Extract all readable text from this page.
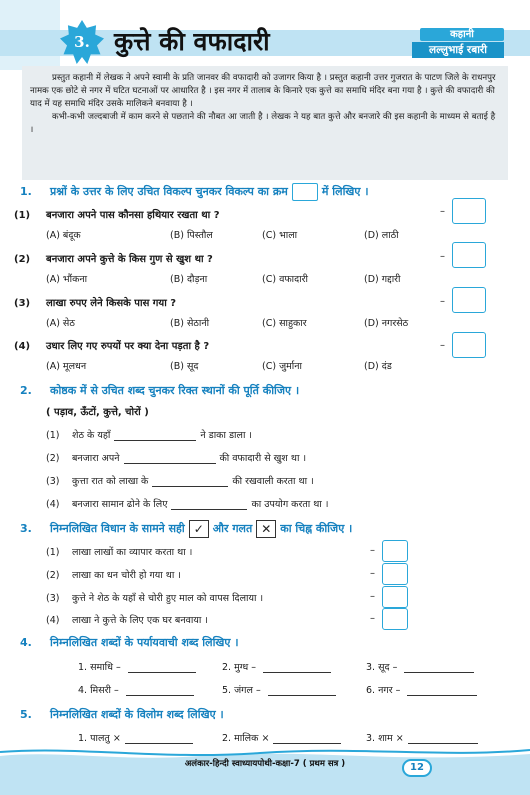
3. कुत्ते की वफादारी	कहानी
लल्लुभाई रबारी

प्रस्तुत कहानी में लेखक ने अपने स्वामी के प्रति जानवर की वफादारी को उजागर किया है । प्रस्तुत कहानी उत्तर गुजरात के पाटण जिले के राधनपुर नामक एक छोटे से नगर में घटित घटनाओं पर आधारित है । इस नगर में तालाब के किनारे एक कुत्ते का समाधि मंदिर बना गया है । कुत्ते की वफादारी की याद में यह समाधि मंदिर उसके मालिकने बनवाया है ।

कभी-कभी जल्दबाजी में काम करने से पछताने की नौबत आ जाती है । लेखक ने यह बात कुत्ते और बनजारे की इस कहानी के माध्यम से बताई है ।

1. प्रश्नों के उत्तर के लिए उचित विकल्प चुनकर विकल्प का क्रम	में लिखिए ।
(1) बनजारा अपने पास कौनसा हथियार रखता था ?
(A) बंदूक	(B) पिस्तौल	(C) भाला	(D) लाठी
–
(2) बनजारा अपने कुत्ते के किस गुण से खुश था ?
(A) भौंकना	(B) दौड़ना	(C) वफादारी	(D) गद्दारी
–
(3) लाखा रुपए लेने किसके पास गया ?
(A) सेठ	(B) सेठानी	(C) साहुकार	(D) नगरसेठ
–
(4) उधार लिए गए रुपयों पर क्या देना पड़ता है ?
(A) मूलधन	(B) सूद	(C) जुर्माना	(D) दंड
–
2. कोष्ठक में से उचित शब्द चुनकर रिक्त स्थानों की पूर्ति कीजिए ।
( पड़ाव, ऊँटों, कुत्ते, चोरों )
(1) शेठ के यहाँ	ने डाका डाला ।
(2) बनजारा अपने	की वफादारी से खुश था ।
(3) कुत्ता रात को लाखा के	की रखवाली करता था ।
(4) बनजारा सामान ढोने के लिए	का उपयोग करता था ।
3. निम्नलिखित विधान के सामने सही ✓ और गलत ✕ का चिह्न कीजिए ।
(1) लाखा लाखों का व्यापार करता था ।	–
(2) लाखा का धन चोरी हो गया था ।	–
(3) कुत्ते ने शेठ के यहाँ से चोरी हुए माल को वापस दिलाया ।	–
(4) लाखा ने कुत्ते के लिए एक घर बनवाया ।	–
4. निम्नलिखित शब्दों के पर्यायवाची शब्द लिखिए ।
1. समाधि –	2. मुग्ध –	3. सूद –
4. मिसरी –	5. जंगल –	6. नगर –
5. निम्नलिखित शब्दों के विलोम शब्द लिखिए ।
1. पालतु ×	2. मालिक ×	3. शाम ×
अलंकार-हिन्दी स्वाध्यायपोथी-कक्षा-7 ( प्रथम सत्र )	12
